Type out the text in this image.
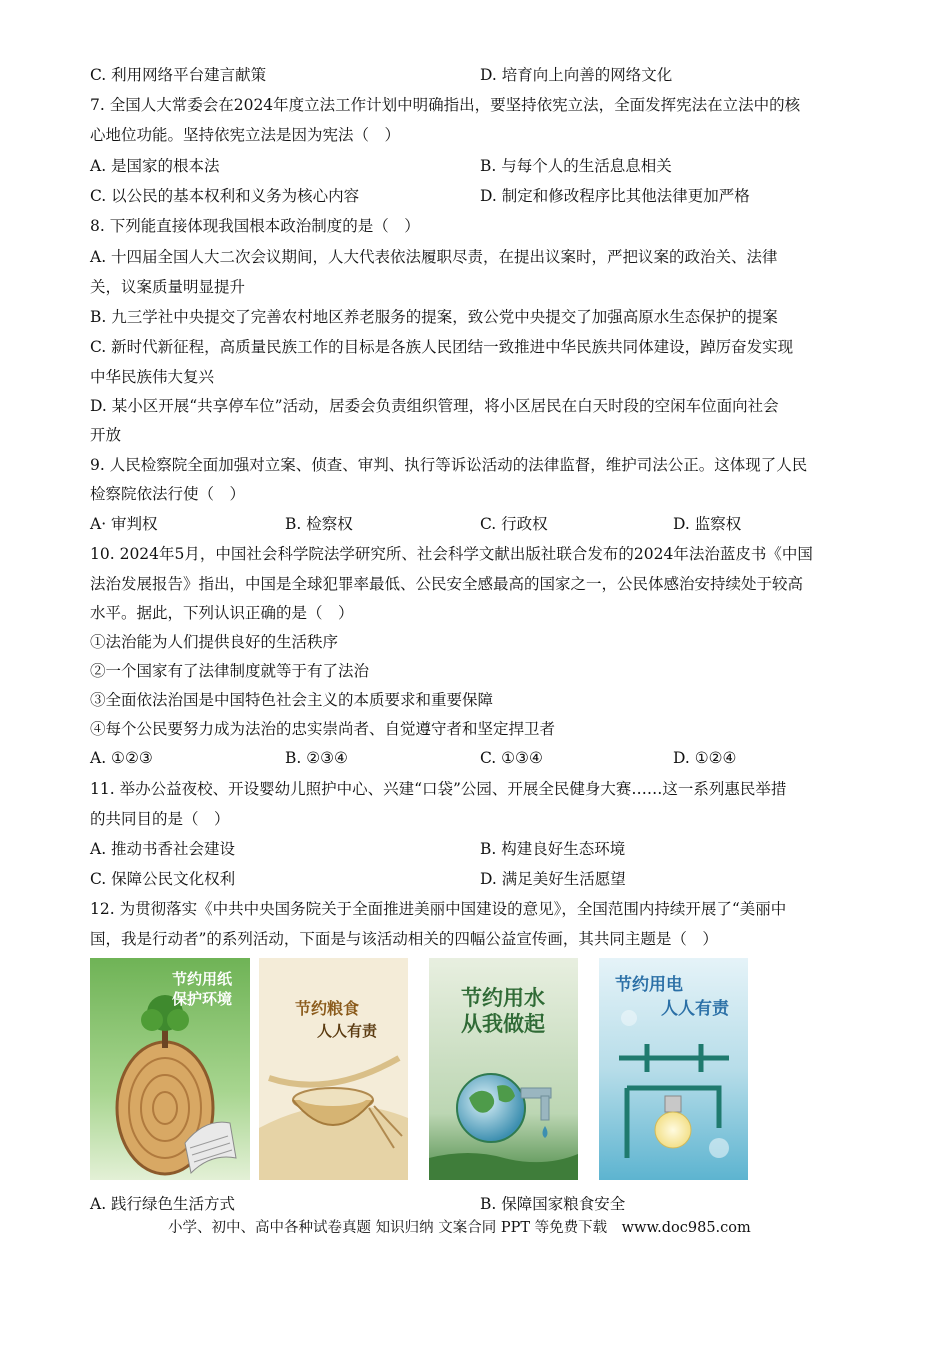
C. 利用网络平台建言献策	D. 培育向上向善的网络文化
7. 全国人大常委会在2024年度立法工作计划中明确指出，要坚持依宪立法，全面发挥宪法在立法中的核
心地位功能。坚持依宪立法是因为宪法（　）
A. 是国家的根本法	B. 与每个人的生活息息相关
C. 以公民的基本权利和义务为核心内容	D. 制定和修改程序比其他法律更加严格
8. 下列能直接体现我国根本政治制度的是（　）
A. 十四届全国人大二次会议期间，人大代表依法履职尽责，在提出议案时，严把议案的政治关、法律
关，议案质量明显提升
B. 九三学社中央提交了完善农村地区养老服务的提案，致公党中央提交了加强高原水生态保护的提案
C. 新时代新征程，高质量民族工作的目标是各族人民团结一致推进中华民族共同体建设，踔厉奋发实现
中华民族伟大复兴
D. 某小区开展“共享停车位”活动，居委会负责组织管理，将小区居民在白天时段的空闲车位面向社会
开放
9. 人民检察院全面加强对立案、侦查、审判、执行等诉讼活动的法律监督，维护司法公正。这体现了人民
检察院依法行使（　）
A· 审判权	B. 检察权	C. 行政权	D. 监察权
10. 2024年5月，中国社会科学院法学研究所、社会科学文献出版社联合发布的2024年法治蓝皮书《中国
法治发展报告》指出，中国是全球犯罪率最低、公民安全感最高的国家之一，公民体感治安持续处于较高
水平。据此，下列认识正确的是（　）
①法治能为人们提供良好的生活秩序
②一个国家有了法律制度就等于有了法治
③全面依法治国是中国特色社会主义的本质要求和重要保障
④每个公民要努力成为法治的忠实崇尚者、自觉遵守者和坚定捍卫者
A. ①②③	B. ②③④	C. ①③④	D. ①②④
11. 举办公益夜校、开设婴幼儿照护中心、兴建“口袋”公园、开展全民健身大赛……这一系列惠民举措
的共同目的是（　）
A. 推动书香社会建设	B. 构建良好生态环境
C. 保障公民文化权利	D. 满足美好生活愿望
12. 为贯彻落实《中共中央国务院关于全面推进美丽中国建设的意见》，全国范围内持续开展了“美丽中
国，我是行动者”的系列活动，下面是与该活动相关的四幅公益宣传画，其共同主题是（　）
节约用纸
保护环境	节约粮食
人人有责
节约用水
从我做起
节约用电
人人有责
A. 践行绿色生活方式	B. 保障国家粮食安全
小学、初中、高中各种试卷真题 知识归纳 文案合同 PPT 等免费下载　www.doc985.com
